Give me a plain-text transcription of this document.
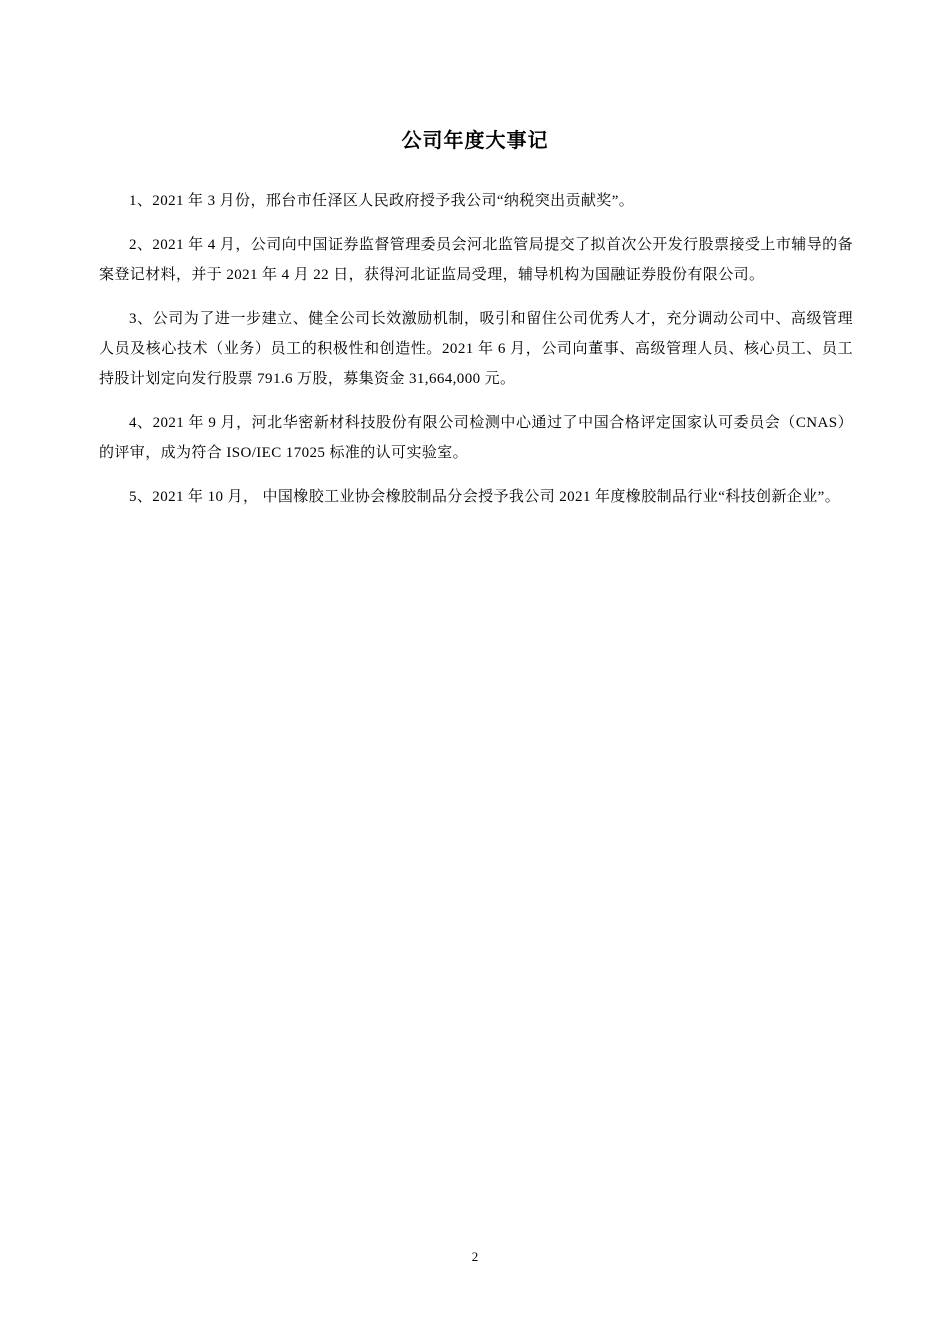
公司年度大事记

1、2021 年 3 月份，邢台市任泽区人民政府授予我公司“纳税突出贡献奖”。

2、2021 年 4 月，公司向中国证券监督管理委员会河北监管局提交了拟首次公开发行股票接受上市辅导的备案登记材料，并于 2021 年 4 月 22 日，获得河北证监局受理，辅导机构为国融证券股份有限公司。

3、公司为了进一步建立、健全公司长效激励机制，吸引和留住公司优秀人才，充分调动公司中、高级管理人员及核心技术（业务）员工的积极性和创造性。2021 年 6 月，公司向董事、高级管理人员、核心员工、员工持股计划定向发行股票 791.6 万股，募集资金 31,664,000 元。

4、2021 年 9 月，河北华密新材科技股份有限公司检测中心通过了中国合格评定国家认可委员会（CNAS）的评审，成为符合 ISO/IEC 17025 标准的认可实验室。

5、2021 年 10 月， 中国橡胶工业协会橡胶制品分会授予我公司 2021 年度橡胶制品行业“科技创新企业”。

2
